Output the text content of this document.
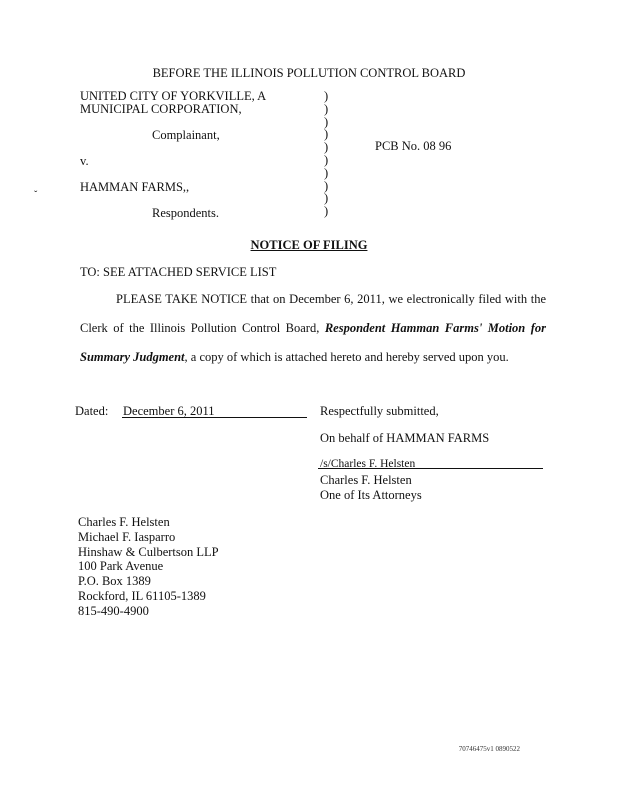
BEFORE THE ILLINOIS POLLUTION CONTROL BOARD
UNITED CITY OF YORKVILLE, A
MUNICIPAL CORPORATION,
Complainant,
v.
HAMMAN FARMS,,
Respondents.
)
)
)
)
)
)
)
)
)
)
PCB No. 08 96
ˇ
NOTICE OF FILING
TO: SEE ATTACHED SERVICE LIST
PLEASE TAKE NOTICE that on December 6, 2011, we electronically filed with the
Clerk of the Illinois Pollution Control Board, Respondent Hamman Farms' Motion for
Summary Judgment, a copy of which is attached hereto and hereby served upon you.
Dated: December 6, 2011	Respectfully submitted,
On behalf of HAMMAN FARMS
/s/Charles F. Helsten
Charles F. Helsten
One of Its Attorneys
Charles F. Helsten
Michael F. Iasparro
Hinshaw & Culbertson LLP
100 Park Avenue
P.O. Box 1389
Rockford, IL 61105-1389
815-490-4900
70746475v1 0890522
